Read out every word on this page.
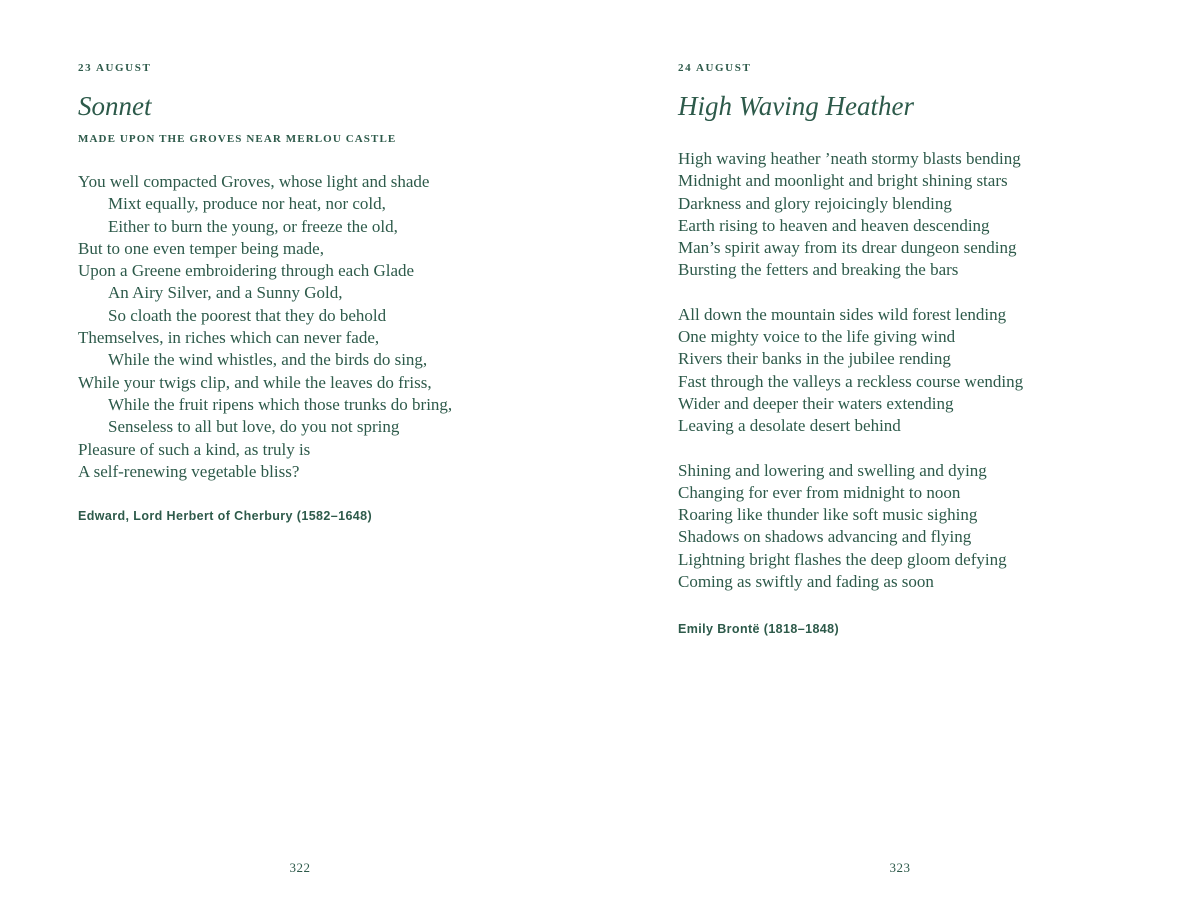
23 AUGUST
Sonnet
MADE UPON THE GROVES NEAR MERLOU CASTLE
You well compacted Groves, whose light and shade
Mixt equally, produce nor heat, nor cold,
Either to burn the young, or freeze the old,
But to one even temper being made,
Upon a Greene embroidering through each Glade
An Airy Silver, and a Sunny Gold,
So cloath the poorest that they do behold
Themselves, in riches which can never fade,
While the wind whistles, and the birds do sing,
While your twigs clip, and while the leaves do friss,
While the fruit ripens which those trunks do bring,
Senseless to all but love, do you not spring
Pleasure of such a kind, as truly is
A self-renewing vegetable bliss?
Edward, Lord Herbert of Cherbury (1582–1648)
322
24 AUGUST
High Waving Heather
High waving heather ’neath stormy blasts bending
Midnight and moonlight and bright shining stars
Darkness and glory rejoicingly blending
Earth rising to heaven and heaven descending
Man’s spirit away from its drear dungeon sending
Bursting the fetters and breaking the bars
All down the mountain sides wild forest lending
One mighty voice to the life giving wind
Rivers their banks in the jubilee rending
Fast through the valleys a reckless course wending
Wider and deeper their waters extending
Leaving a desolate desert behind
Shining and lowering and swelling and dying
Changing for ever from midnight to noon
Roaring like thunder like soft music sighing
Shadows on shadows advancing and flying
Lightning bright flashes the deep gloom defying
Coming as swiftly and fading as soon
Emily Brontë (1818–1848)
323
